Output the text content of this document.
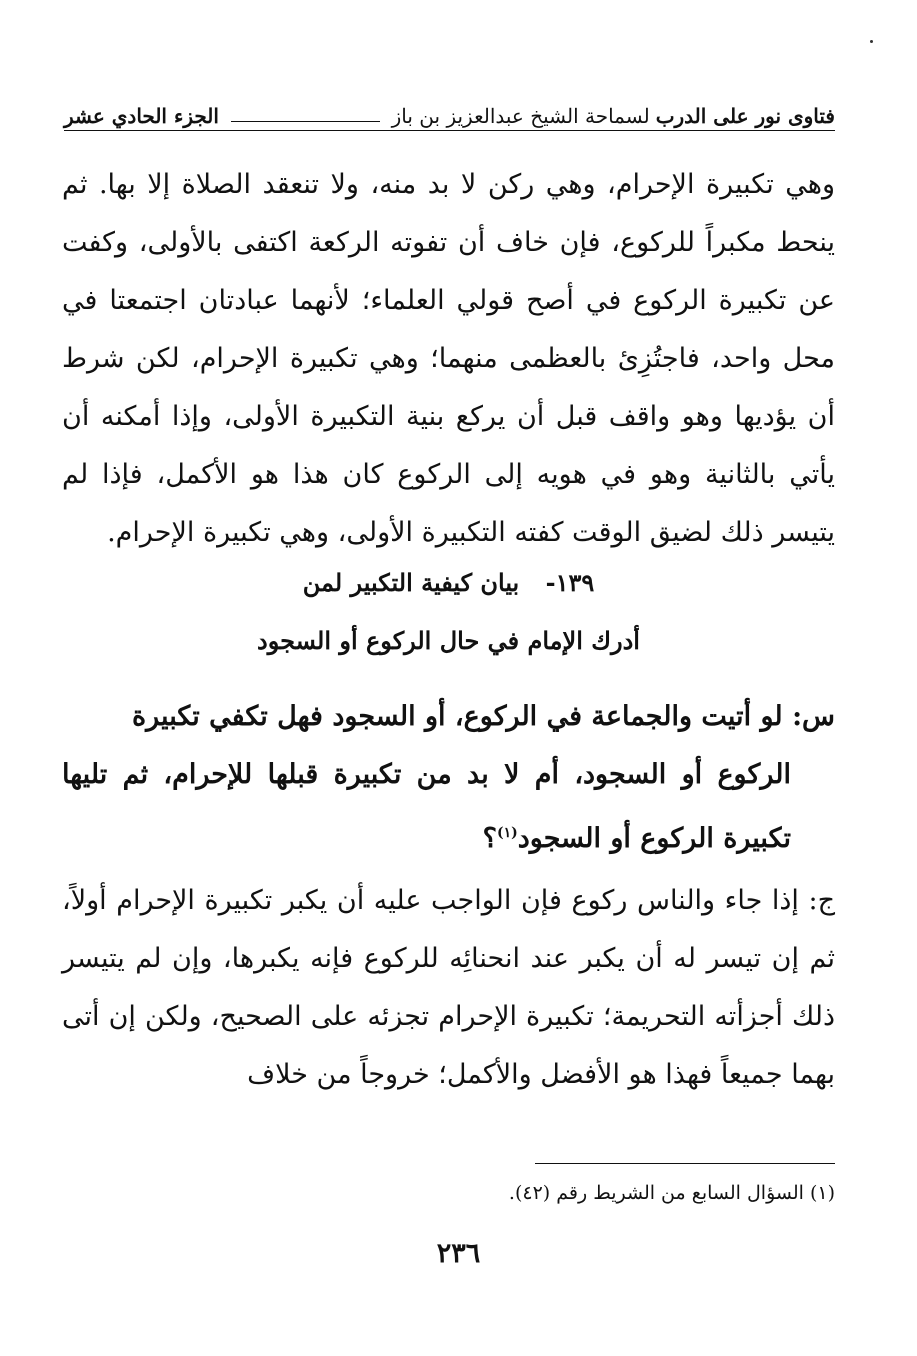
فتاوى نور على الدرب
لسماحة الشيخ عبدالعزيز بن باز
الجزء الحادي عشر
وهي تكبيرة الإحرام، وهي ركن لا بد منه، ولا تنعقد الصلاة إلا بها. ثم ينحط مكبراً للركوع، فإن خاف أن تفوته الركعة اكتفى بالأولى، وكفت عن تكبيرة الركوع في أصح قولي العلماء؛ لأنهما عبادتان اجتمعتا في محل واحد، فاجتُزِئ بالعظمى منهما؛ وهي تكبيرة الإحرام، لكن شرط أن يؤديها وهو واقف قبل أن يركع بنية التكبيرة الأولى، وإذا أمكنه أن يأتي بالثانية وهو في هويه إلى الركوع كان هذا هو الأكمل، فإذا لم يتيسر ذلك لضيق الوقت كفته التكبيرة الأولى، وهي تكبيرة الإحرام.
١٣٩- بيان كيفية التكبير لمن
أدرك الإمام في حال الركوع أو السجود
س: لو أتيت والجماعة في الركوع، أو السجود فهل تكفي تكبيرة
الركوع أو السجود، أم لا بد من تكبيرة قبلها للإحرام، ثم تليها تكبيرة الركوع أو السجود$^{(١)}$؟
ج: إذا جاء والناس ركوع فإن الواجب عليه أن يكبر تكبيرة الإحرام أولاً، ثم إن تيسر له أن يكبر عند انحنائِه للركوع فإنه يكبرها، وإن لم يتيسر ذلك أجزأته التحريمة؛ تكبيرة الإحرام تجزئه على الصحيح، ولكن إن أتى بهما جميعاً فهذا هو الأفضل والأكمل؛ خروجاً من خلاف
(١) السؤال السابع من الشريط رقم (٤٢).
٢٣٦
